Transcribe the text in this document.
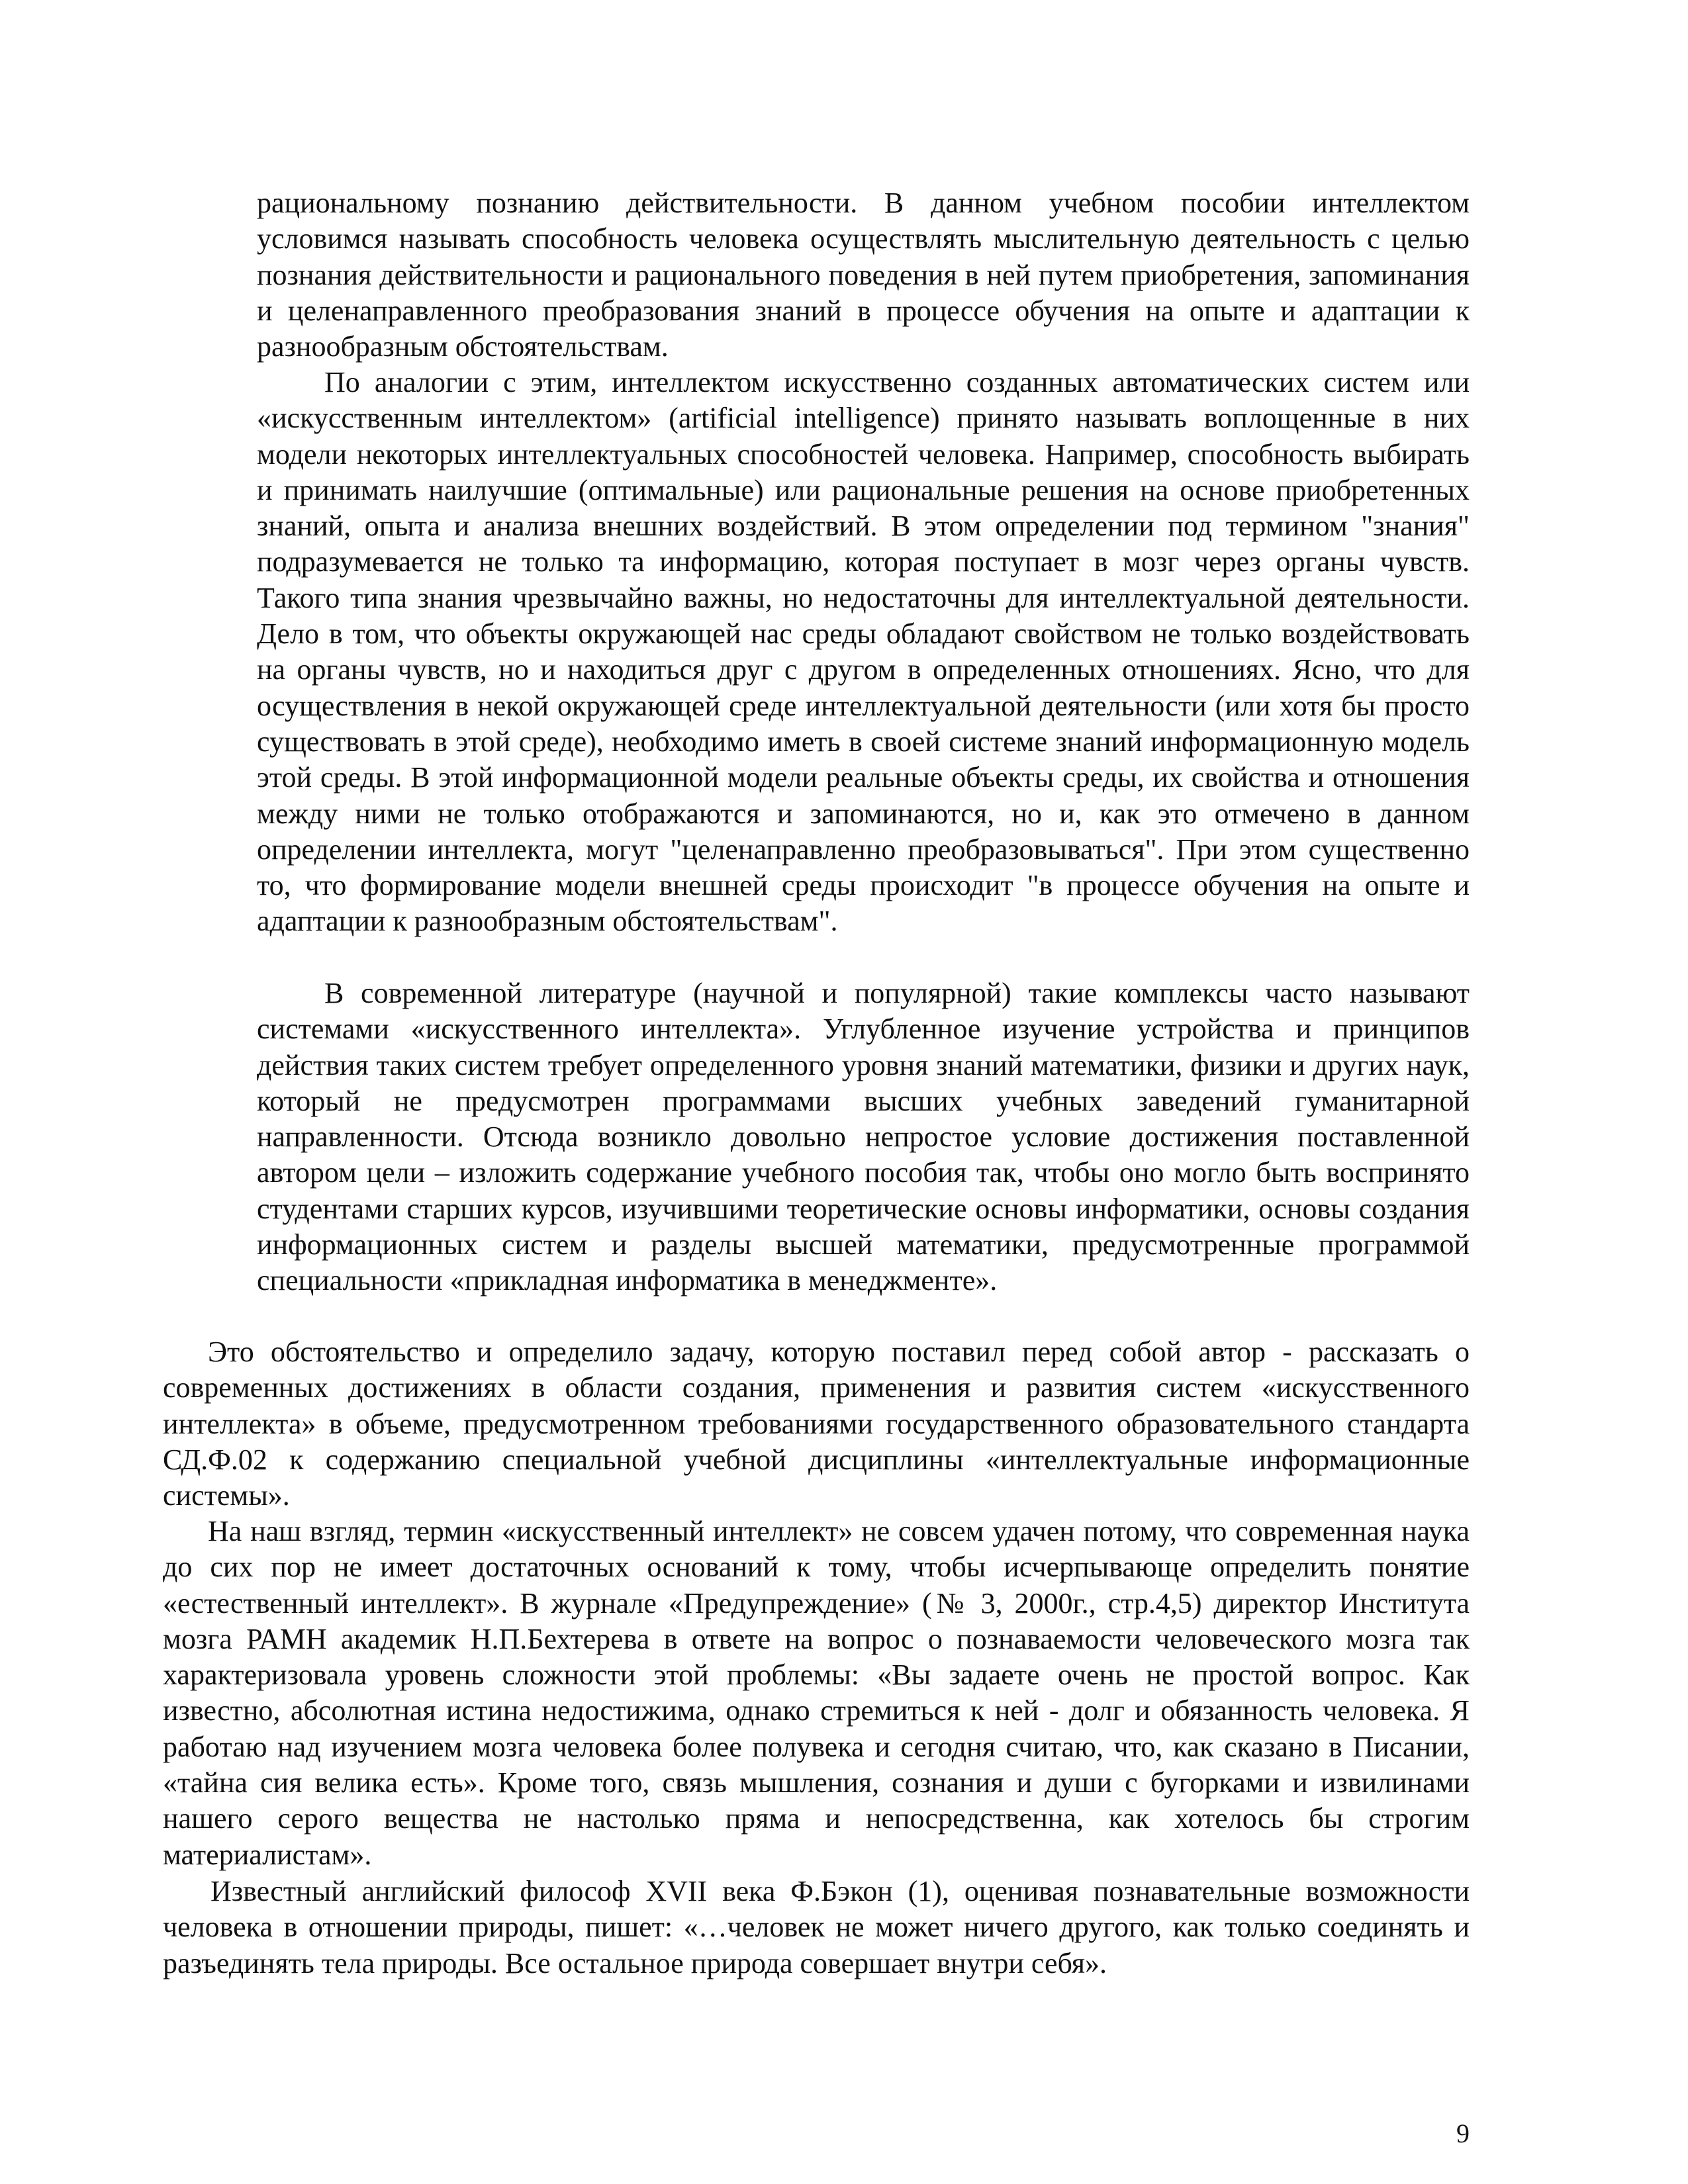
рациональному познанию действительности. В данном учебном пособии интеллектом условимся называть способность человека осуществлять мыслительную деятельность с целью познания действительности и рационального поведения в ней путем приобретения, запоминания и целенаправленного преобразования знаний в процессе обучения на опыте и адаптации к разнообразным обстоятельствам.

По аналогии с этим, интеллектом искусственно созданных автоматических систем или «искусственным интеллектом» (artificial intelligence) принято называть воплощенные в них модели некоторых интеллектуальных способностей человека. Например, способность выбирать и принимать наилучшие (оптимальные) или рациональные решения на основе приобретенных знаний, опыта и анализа внешних воздействий. В этом определении под термином "знания" подразумевается не только та информацию, которая поступает в мозг через органы чувств. Такого типа знания чрезвычайно важны, но недостаточны для интеллектуальной деятельности. Дело в том, что объекты окружающей нас среды обладают свойством не только воздействовать на органы чувств, но и находиться друг с другом в определенных отношениях. Ясно, что для осуществления в некой окружающей среде интеллектуальной деятельности (или хотя бы просто существовать в этой среде), необходимо иметь в своей системе знаний информационную модель этой среды. В этой информационной модели реальные объекты среды, их свойства и отношения между ними не только отображаются и запоминаются, но и, как это отмечено в данном определении интеллекта, могут "целенаправленно преобразовываться". При этом существенно то, что формирование модели внешней среды происходит "в процессе обучения на опыте и адаптации к разнообразным обстоятельствам".

В современной литературе (научной и популярной) такие комплексы часто называют системами «искусственного интеллекта». Углубленное изучение устройства и принципов действия таких систем требует определенного уровня знаний математики, физики и других наук, который не предусмотрен программами высших учебных заведений гуманитарной направленности. Отсюда возникло довольно непростое условие достижения поставленной автором цели – изложить содержание учебного пособия так, чтобы оно могло быть воспринято студентами старших курсов, изучившими теоретические основы информатики, основы создания информационных систем и разделы высшей математики, предусмотренные программой специальности «прикладная информатика в менеджменте».

Это обстоятельство и определило задачу, которую поставил перед собой автор - рассказать о современных достижениях в области создания, применения и развития систем «искусственного интеллекта» в объеме, предусмотренном требованиями государственного образовательного стандарта СД.Ф.02 к содержанию специальной учебной дисциплины «интеллектуальные информационные системы».

На наш взгляд, термин «искусственный интеллект» не совсем удачен потому, что современная наука до сих пор не имеет достаточных оснований к тому, чтобы исчерпывающе определить понятие «естественный интеллект». В журнале «Предупреждение» (№ 3, 2000г., стр.4,5) директор Института мозга РАМН академик Н.П.Бехтерева в ответе на вопрос о познаваемости человеческого мозга так характеризовала уровень сложности этой проблемы: «Вы задаете очень не простой вопрос. Как известно, абсолютная истина недостижима, однако стремиться к ней - долг и обязанность человека. Я работаю над изучением мозга человека более полувека и сегодня считаю, что, как сказано в Писании, «тайна сия велика есть». Кроме того, связь мышления, сознания и души с бугорками и извилинами нашего серого вещества не настолько пряма и непосредственна, как хотелось бы строгим материалистам».

Известный английский философ XVII века Ф.Бэкон (1), оценивая познавательные возможности человека в отношении природы, пишет: «…человек не может ничего другого, как только соединять и разъединять тела природы. Все остальное природа совершает внутри себя».

9
